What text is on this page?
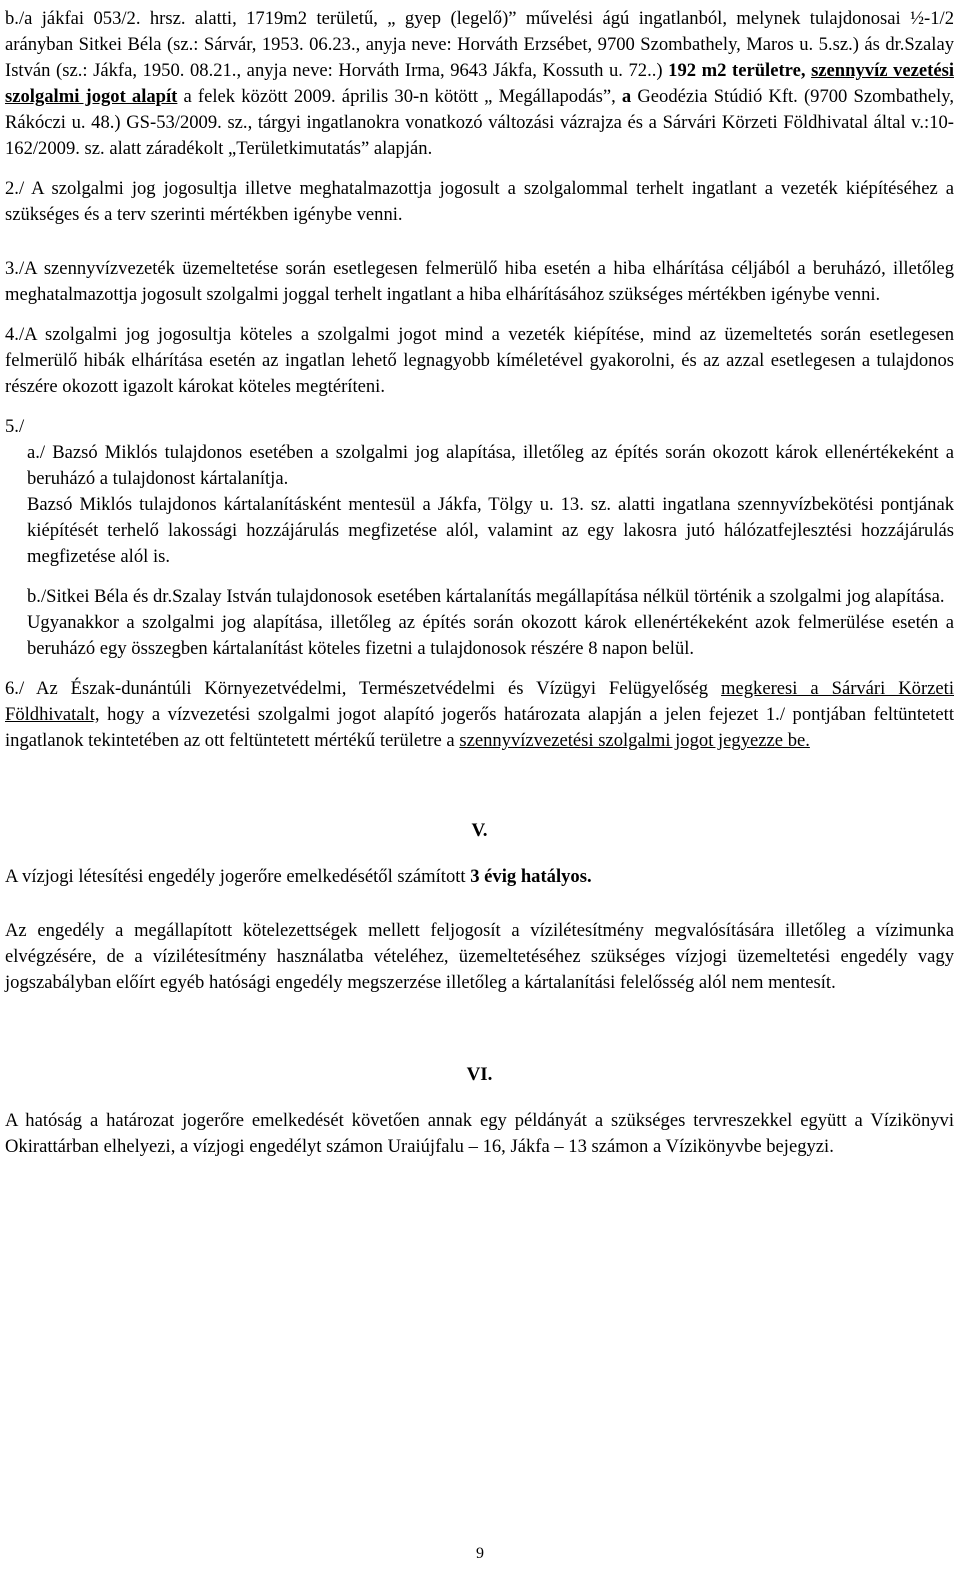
b./a jákfai 053/2. hrsz. alatti, 1719m2 területű, „ gyep (legelő)” művelési ágú ingatlanból, melynek tulajdonosai ½-1/2 arányban Sitkei Béla (sz.: Sárvár, 1953. 06.23., anyja neve: Horváth Erzsébet, 9700 Szombathely, Maros u. 5.sz.) ás dr.Szalay István (sz.: Jákfa, 1950. 08.21., anyja neve: Horváth Irma, 9643 Jákfa, Kossuth u. 72..) 192 m2 területre, szennyvíz vezetési szolgalmi jogot alapít a felek között 2009. április 30-n kötött „ Megállapodás”, a Geodézia Stúdió Kft. (9700 Szombathely, Rákóczi u. 48.) GS-53/2009. sz., tárgyi ingatlanokra vonatkozó változási vázrajza és a Sárvári Körzeti Földhivatal által v.:10-162/2009. sz. alatt záradékolt „Területkimutatás” alapján.

2./ A szolgalmi jog jogosultja illetve meghatalmazottja jogosult a szolgalommal terhelt ingatlant a vezeték kiépítéséhez a szükséges és a terv szerinti mértékben igénybe venni.

3./A szennyvízvezeték üzemeltetése során esetlegesen felmerülő hiba esetén a hiba elhárítása céljából a beruházó, illetőleg meghatalmazottja jogosult szolgalmi joggal terhelt ingatlant a hiba elhárításához szükséges mértékben igénybe venni.

4./A szolgalmi jog jogosultja köteles a szolgalmi jogot mind a vezeték kiépítése, mind az üzemeltetés során esetlegesen felmerülő hibák elhárítása esetén az ingatlan lehető legnagyobb kíméletével gyakorolni, és az azzal esetlegesen a tulajdonos részére okozott igazolt károkat köteles megtéríteni.

5./

a./ Bazsó Miklós tulajdonos esetében a szolgalmi jog alapítása, illetőleg az építés során okozott károk ellenértékeként a beruházó a tulajdonost kártalanítja.

Bazsó Miklós tulajdonos kártalanításként mentesül a Jákfa, Tölgy u. 13. sz. alatti ingatlana szennyvízbekötési pontjának kiépítését terhelő lakossági hozzájárulás megfizetése alól, valamint az egy lakosra jutó hálózatfejlesztési hozzájárulás megfizetése alól is.

b./Sitkei Béla és dr.Szalay István tulajdonosok esetében kártalanítás megállapítása nélkül történik a szolgalmi jog alapítása.

Ugyanakkor a szolgalmi jog alapítása, illetőleg az építés során okozott károk ellenértékeként azok felmerülése esetén a beruházó egy összegben kártalanítást köteles fizetni a tulajdonosok részére 8 napon belül.

6./ Az Észak-dunántúli Környezetvédelmi, Természetvédelmi és Vízügyi Felügyelőség megkeresi a Sárvári Körzeti Földhivatalt, hogy a vízvezetési szolgalmi jogot alapító jogerős határozata alapján a jelen fejezet 1./ pontjában feltüntetett ingatlanok tekintetében az ott feltüntetett mértékű területre a szennyvízvezetési szolgalmi jogot jegyezze be.

V.

A vízjogi létesítési engedély jogerőre emelkedésétől számított 3 évig hatályos.

Az engedély a megállapított kötelezettségek mellett feljogosít a vízilétesítmény megvalósítására illetőleg a vízimunka elvégzésére, de a vízilétesítmény használatba vételéhez, üzemeltetéséhez szükséges vízjogi üzemeltetési engedély vagy jogszabályban előírt egyéb hatósági engedély megszerzése illetőleg a kártalanítási felelősség alól nem mentesít.

VI.

A hatóság a határozat jogerőre emelkedését követően annak egy példányát a szükséges tervreszekkel együtt a Vízikönyvi Okirattárban elhelyezi, a vízjogi engedélyt számon Uraiújfalu – 16, Jákfa – 13 számon a Vízikönyvbe bejegyzi.

9
